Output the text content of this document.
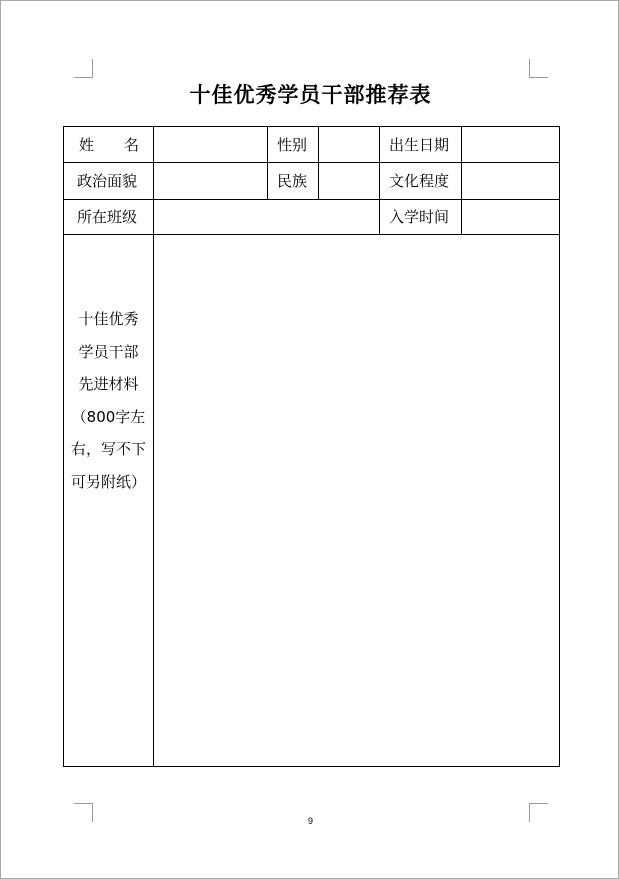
十佳优秀学员干部推荐表
姓　　名	性别	出生日期
政治面貌	民族	文化程度
所在班级	入学时间
十佳优秀
学员干部
先进材料
（800字左
右，写不下
可另附纸）
9
